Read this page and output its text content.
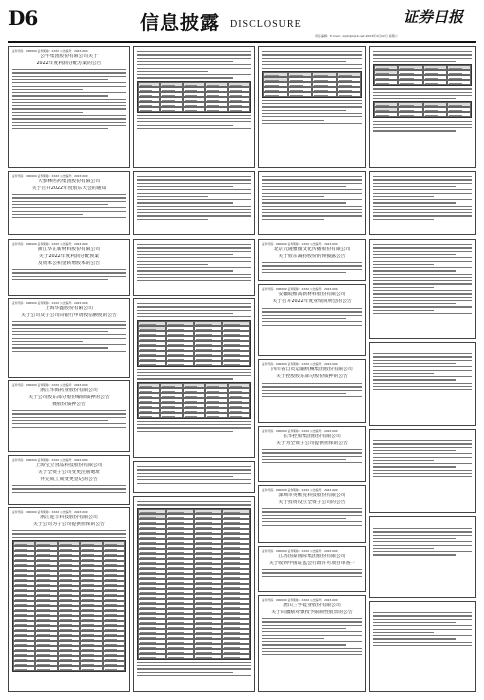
D6	信息披露 DISCLOSURE	证券日报
责任编辑：E-mail：zqrb@zqrb.net 2023年4月22日 星期六
证券代码：000000 证券简称：XXXX 公告编号：2023-000
公牛集团股份有限公司关于
2022年度利润分配方案的公告
证券代码：000000 证券简称：XXXX 公告编号：2023-000
大参林医药集团股份有限公司
关于召开2022年度股东大会的通知
证券代码：000000 证券简称：XXXX 公告编号：2023-000
浙江华正新材料股份有限公司
关于2022年度利润分配预案
及资本公积金转增股本的公告
证券代码：000000 证券简称：XXXX 公告编号：2023-000
上海华鑫股份有限公司
关于公司及子公司向银行申请授信额度的公告
证券代码：000000 证券简称：XXXX 公告编号：2023-000
浙江华海药业股份有限公司
关于公司股东部分股份解除质押的公告
暨股份质押公告
证券代码：000000 证券简称：XXXX 公告编号：2023-000
上海宝立食品科技股份有限公司
关于全资子公司变更注册地址
并完成工商变更登记的公告
证券代码：000000 证券简称：XXXX 公告编号：2023-000
浙江迎丰科技股份有限公司
关于公司为子公司提供担保的公告
证券代码：000000 证券简称：XXXX 公告编号：2023-000
北京元隆雅图文化传播股份有限公司
关于股东减持股份的预披露公告
证券代码：000000 证券简称：XXXX 公告编号：2023-000
安徽皖维高新材料股份有限公司
关于召开2022年度业绩说明会的公告
证券代码：000000 证券简称：XXXX 公告编号：2023-000
四川省自贡运输机械集团股份有限公司
关于控股股东部分股份质押的公告
证券代码：000000 证券简称：XXXX 公告编号：2023-000
长华控股集团股份有限公司
关于为全资子公司提供担保的公告
证券代码：000000 证券简称：XXXX 公告编号：2023-000
深圳市英维克科技股份有限公司
关于投资设立全资子公司的公告
证券代码：000000 证券简称：XXXX 公告编号：2023-000
江苏国泰国际集团股份有限公司
关于收到中国证监会行政许可项目审查一
证券代码：000000 证券简称：XXXX 公告编号：2023-000
唐山三孚硅业股份有限公司
关于向激励对象授予限制性股票的公告
